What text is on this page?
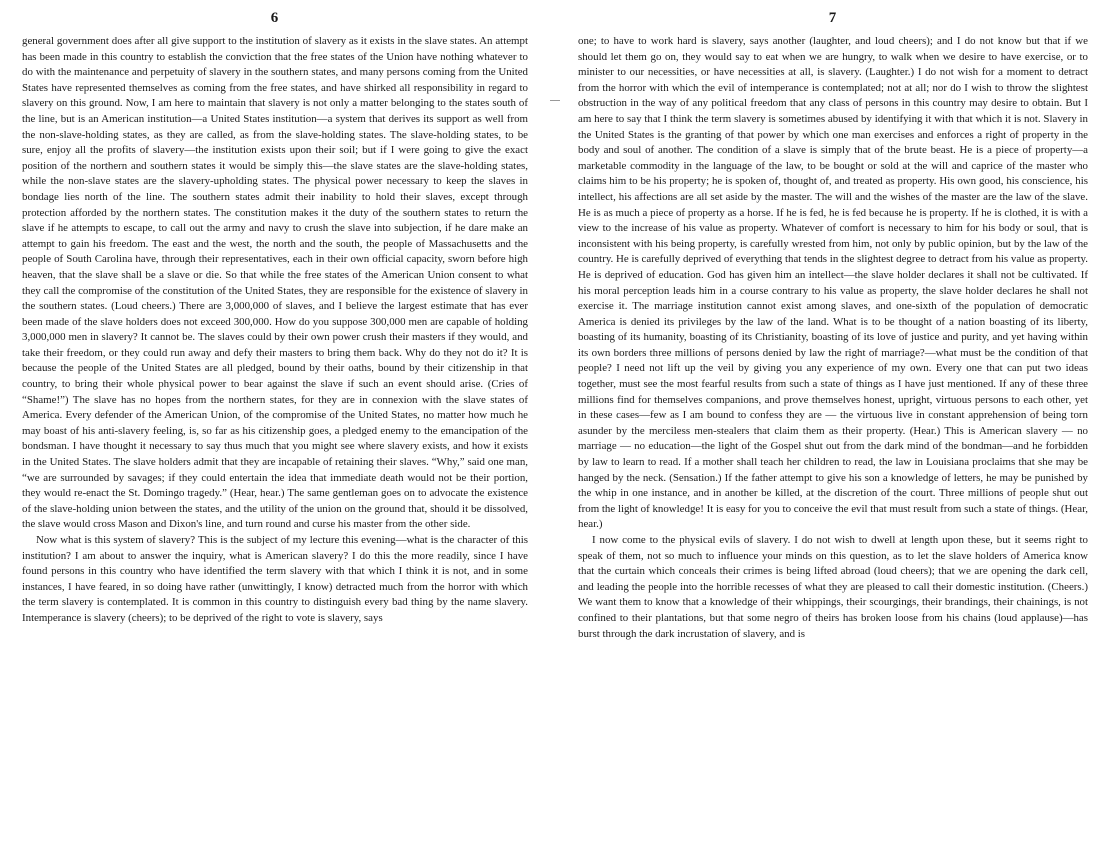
6

general government does after all give support to the institution of slavery as it exists in the slave states. An attempt has been made in this country to establish the conviction that the free states of the Union have nothing whatever to do with the maintenance and perpetuity of slavery in the southern states, and many persons coming from the United States have represented themselves as coming from the free states, and have shirked all responsibility in regard to slavery on this ground. Now, I am here to maintain that slavery is not only a matter belonging to the states south of the line, but is an American institution—a United States institution—a system that derives its support as well from the non-slave-holding states, as they are called, as from the slave-holding states. The slave-holding states, to be sure, enjoy all the profits of slavery—the institution exists upon their soil; but if I were going to give the exact position of the northern and southern states it would be simply this—the slave states are the slave-holding states, while the non-slave states are the slavery-upholding states. The physical power necessary to keep the slaves in bondage lies north of the line. The southern states admit their inability to hold their slaves, except through protection afforded by the northern states. The constitution makes it the duty of the southern states to return the slave if he attempts to escape, to call out the army and navy to crush the slave into subjection, if he dare make an attempt to gain his freedom. The east and the west, the north and the south, the people of Massachusetts and the people of South Carolina have, through their representatives, each in their own official capacity, sworn before high heaven, that the slave shall be a slave or die. So that while the free states of the American Union consent to what they call the compromise of the constitution of the United States, they are responsible for the existence of slavery in the southern states. (Loud cheers.) There are 3,000,000 of slaves, and I believe the largest estimate that has ever been made of the slave holders does not exceed 300,000. How do you suppose 300,000 men are capable of holding 3,000,000 men in slavery? It cannot be. The slaves could by their own power crush their masters if they would, and take their freedom, or they could run away and defy their masters to bring them back. Why do they not do it? It is because the people of the United States are all pledged, bound by their oaths, bound by their citizenship in that country, to bring their whole physical power to bear against the slave if such an event should arise. (Cries of “Shame!”) The slave has no hopes from the northern states, for they are in connexion with the slave states of America. Every defender of the American Union, of the compromise of the United States, no matter how much he may boast of his anti-slavery feeling, is, so far as his citizenship goes, a pledged enemy to the emancipation of the bondsman. I have thought it necessary to say thus much that you might see where slavery exists, and how it exists in the United States. The slave holders admit that they are incapable of retaining their slaves. “Why,” said one man, “we are surrounded by savages; if they could entertain the idea that immediate death would not be their portion, they would re-enact the St. Domingo tragedy.” (Hear, hear.) The same gentleman goes on to advocate the existence of the slave-holding union between the states, and the utility of the union on the ground that, should it be dissolved, the slave would cross Mason and Dixon's line, and turn round and curse his master from the other side.

Now what is this system of slavery? This is the subject of my lecture this evening—what is the character of this institution? I am about to answer the inquiry, what is American slavery? I do this the more readily, since I have found persons in this country who have identified the term slavery with that which I think it is not, and in some instances, I have feared, in so doing have rather (unwittingly, I know) detracted much from the horror with which the term slavery is contemplated. It is common in this country to distinguish every bad thing by the name slavery. Intemperance is slavery (cheers); to be deprived of the right to vote is slavery, says

7

one; to have to work hard is slavery, says another (laughter, and loud cheers); and I do not know but that if we should let them go on, they would say to eat when we are hungry, to walk when we desire to have exercise, or to minister to our necessities, or have necessities at all, is slavery. (Laughter.) I do not wish for a moment to detract from the horror with which the evil of intemperance is contemplated; not at all; nor do I wish to throw the slightest obstruction in the way of any political freedom that any class of persons in this country may desire to obtain. But I am here to say that I think the term slavery is sometimes abused by identifying it with that which it is not. Slavery in the United States is the granting of that power by which one man exercises and enforces a right of property in the body and soul of another. The condition of a slave is simply that of the brute beast. He is a piece of property—a marketable commodity in the language of the law, to be bought or sold at the will and caprice of the master who claims him to be his property; he is spoken of, thought of, and treated as property. His own good, his conscience, his intellect, his affections are all set aside by the master. The will and the wishes of the master are the law of the slave. He is as much a piece of property as a horse. If he is fed, he is fed because he is property. If he is clothed, it is with a view to the increase of his value as property. Whatever of comfort is necessary to him for his body or soul, that is inconsistent with his being property, is carefully wrested from him, not only by public opinion, but by the law of the country. He is carefully deprived of everything that tends in the slightest degree to detract from his value as property. He is deprived of education. God has given him an intellect—the slave holder declares it shall not be cultivated. If his moral perception leads him in a course contrary to his value as property, the slave holder declares he shall not exercise it. The marriage institution cannot exist among slaves, and one-sixth of the population of democratic America is denied its privileges by the law of the land. What is to be thought of a nation boasting of its liberty, boasting of its humanity, boasting of its Christianity, boasting of its love of justice and purity, and yet having within its own borders three millions of persons denied by law the right of marriage?—what must be the condition of that people? I need not lift up the veil by giving you any experience of my own. Every one that can put two ideas together, must see the most fearful results from such a state of things as I have just mentioned. If any of these three millions find for themselves companions, and prove themselves honest, upright, virtuous persons to each other, yet in these cases—few as I am bound to confess they are — the virtuous live in constant apprehension of being torn asunder by the merciless men-stealers that claim them as their property. (Hear.) This is American slavery — no marriage — no education—the light of the Gospel shut out from the dark mind of the bondman—and he forbidden by law to learn to read. If a mother shall teach her children to read, the law in Louisiana proclaims that she may be hanged by the neck. (Sensation.) If the father attempt to give his son a knowledge of letters, he may be punished by the whip in one instance, and in another be killed, at the discretion of the court. Three millions of people shut out from the light of knowledge! It is easy for you to conceive the evil that must result from such a state of things. (Hear, hear.)

I now come to the physical evils of slavery. I do not wish to dwell at length upon these, but it seems right to speak of them, not so much to influence your minds on this question, as to let the slave holders of America know that the curtain which conceals their crimes is being lifted abroad (loud cheers); that we are opening the dark cell, and leading the people into the horrible recesses of what they are pleased to call their domestic institution. (Cheers.) We want them to know that a knowledge of their whippings, their scourgings, their brandings, their chainings, is not confined to their plantations, but that some negro of theirs has broken loose from his chains (loud applause)—has burst through the dark incrustation of slavery, and is
